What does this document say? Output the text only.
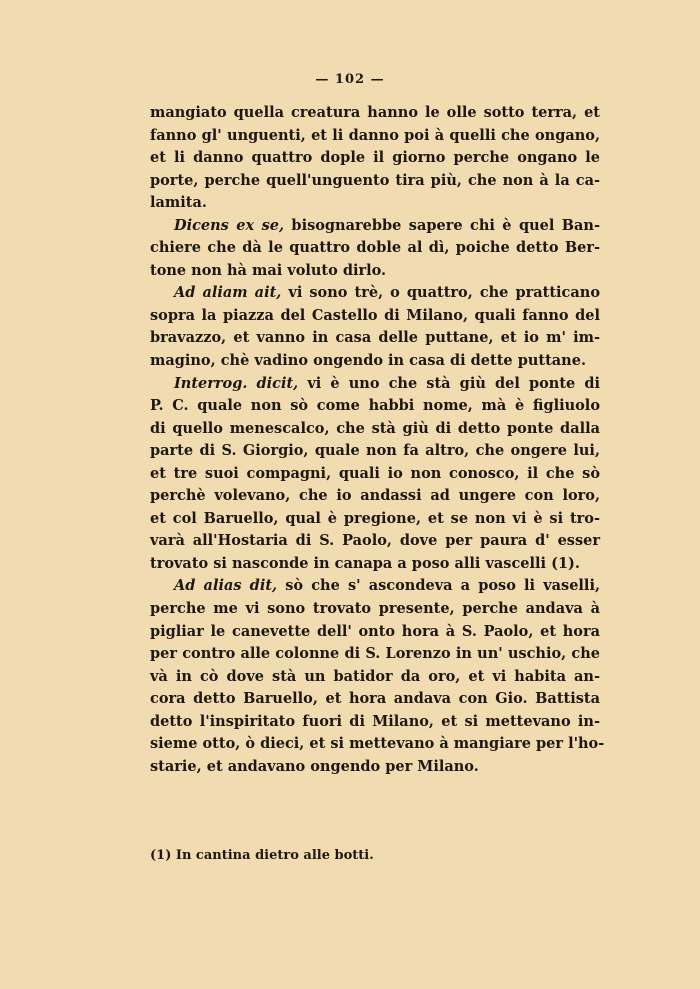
— 102 —
mangiato quella creatura hanno le olle sotto terra, et
fanno gl' unguenti, et li danno poi à quelli che ongano,
et li danno quattro dople il giorno perche ongano le
porte, perche quell'unguento tira più, che non à la ca-
lamita.
Dicens ex se, bisognarebbe sapere chi è quel Ban-
chiere che dà le quattro doble al dì, poiche detto Ber-
tone non hà mai voluto dirlo.
Ad aliam ait, vi sono trè, o quattro, che pratticano
sopra la piazza del Castello di Milano, quali fanno del
bravazzo, et vanno in casa delle puttane, et io m' im-
magino, chè vadino ongendo in casa di dette puttane.
Interrog. dicit, vi è uno che stà giù del ponte di
P. C. quale non sò come habbi nome, mà è figliuolo
di quello menescalco, che stà giù di detto ponte dalla
parte di S. Giorgio, quale non fa altro, che ongere lui,
et tre suoi compagni, quali io non conosco, il che sò
perchè volevano, che io andassi ad ungere con loro,
et col Baruello, qual è pregione, et se non vi è si tro-
varà all'Hostaria di S. Paolo, dove per paura d' esser
trovato si nasconde in canapa a poso alli vascelli (1).
Ad alias dit, sò che s' ascondeva a poso li vaselli,
perche me vi sono trovato presente, perche andava à
pigliar le canevette dell' onto hora à S. Paolo, et hora
per contro alle colonne di S. Lorenzo in un' uschio, che
và in cò dove stà un batidor da oro, et vi habita an-
cora detto Baruello, et hora andava con Gio. Battista
detto l'inspiritato fuori di Milano, et si mettevano in-
sieme otto, ò dieci, et si mettevano à mangiare per l'ho-
starie, et andavano ongendo per Milano.
(1) In cantina dietro alle botti.
